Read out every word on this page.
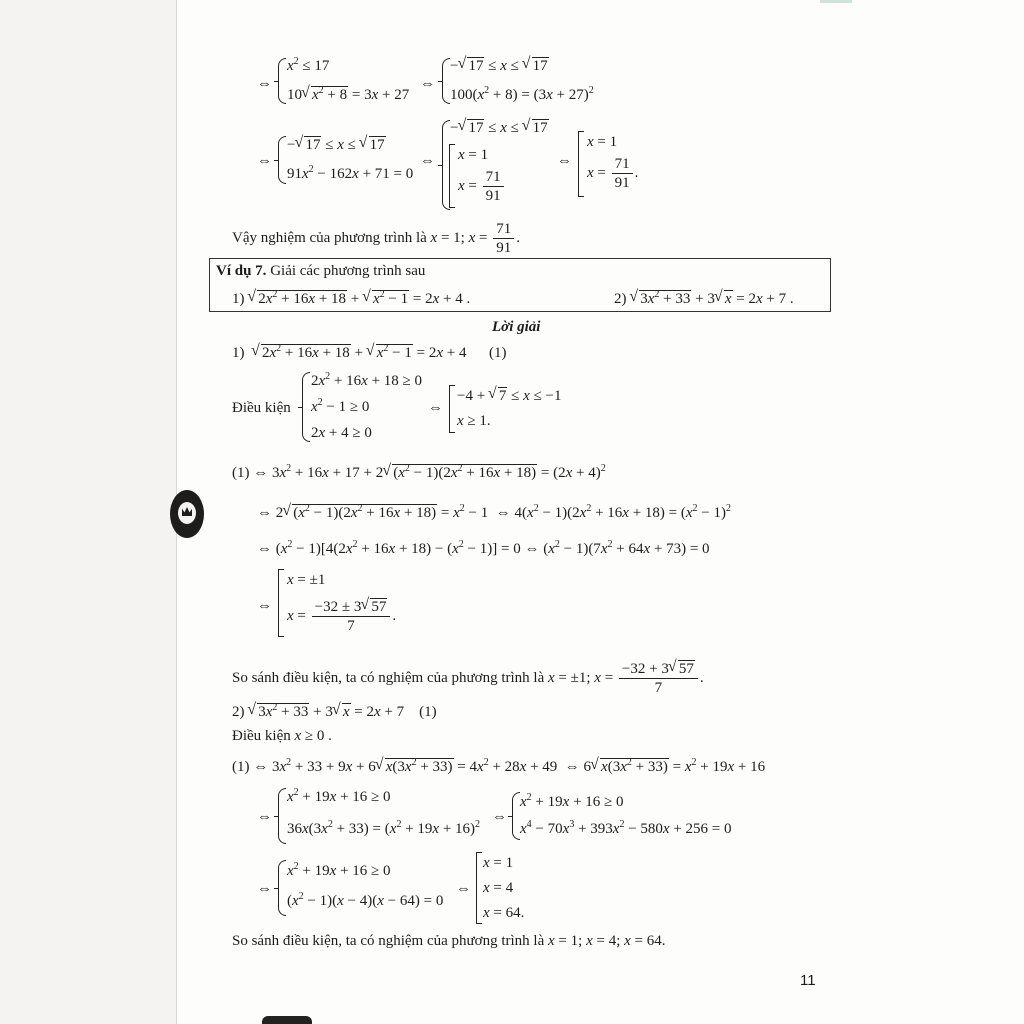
⇔
$x^2 \le 17$
10√ $x^2 + 8 = 3x + 27$
⇔
−√ 17 ≤ x ≤ √ 17
$100(x^2 + 8) = (3x + 27)^2$
⇔
−√ 17 ≤ x ≤ √ 17
$91x^2 - 162x + 71 = 0$
⇔
−√ 17 ≤ x ≤ √ 17
x = 1
$x = \frac{71}{91}$
⇔
x = 1
$x = \frac{71}{91}$ .
Vậy nghiệm của phương trình là x = 1; $x = \frac{71}{91}$ .
Ví dụ 7. Giải các phương trình sau
1) √ $2x^2 + 16x + 18$ + √ $x^2 - 1 = 2x + 4$ .	2) √ $3x^2 + 33 + 3√$ x = 2x + 7 .
Lời giải
1)  √ $2x^2 + 16x + 18$ + √ $x^2 - 1 = 2x + 4$      (1)
Điều kiện
$2x^2 + 16x + 18 \ge 0$
$x^2 - 1 \ge 0$
2x + 4 ≥ 0
⇔
−4 + √ 7 ≤ x ≤ −1
x ≥ 1.
(1) ⇔ $3x^2 + 16x + 17 + 2√$ $(x^2 - 1)(2x^2 + 16x + 18) = (2x + 4)^2$
⇔ 2√ $(x^2 - 1)(2x^2 + 16x + 18) = x^2 - 1$  ⇔ $4(x^2 - 1)(2x^2 + 16x + 18) = (x^2 - 1)^2$
⇔ $(x^2 - 1)[4(2x^2 + 16x + 18) - (x^2 - 1)] = 0$ ⇔ $(x^2 - 1)(7x^2 + 64x + 73) = 0$
⇔
x = ±1
$x = \frac{-32 \pm 3√ 57}{7}$ .
So sánh điều kiện, ta có nghiệm của phương trình là x = ±1; $x = \frac{-32 + 3√ 57}{7}$ .
2) √ $3x^2 + 33 + 3√$ x = 2x + 7    (1)
Điều kiện x ≥ 0 .
(1) ⇔ $3x^2 + 33 + 9x + 6√$ $x(3x^2 + 33) = 4x^2 + 28x + 49$  ⇔ 6√ $x(3x^2 + 33) = x^2 + 19x + 16$
⇔
$x^2 + 19x + 16 \ge 0$
$36x(3x^2 + 33) = (x^2 + 19x + 16)^2$ ⇔
$x^2 + 19x + 16 \ge 0$
$x^4 - 70x^3 + 393x^2 - 580x + 256 = 0$
⇔
$x^2 + 19x + 16 \ge 0$
$(x^2 - 1)(x - 4)(x - 64) = 0$
⇔
x = 1
x = 4
x = 64.
So sánh điều kiện, ta có nghiệm của phương trình là x = 1; x = 4; x = 64.
11
